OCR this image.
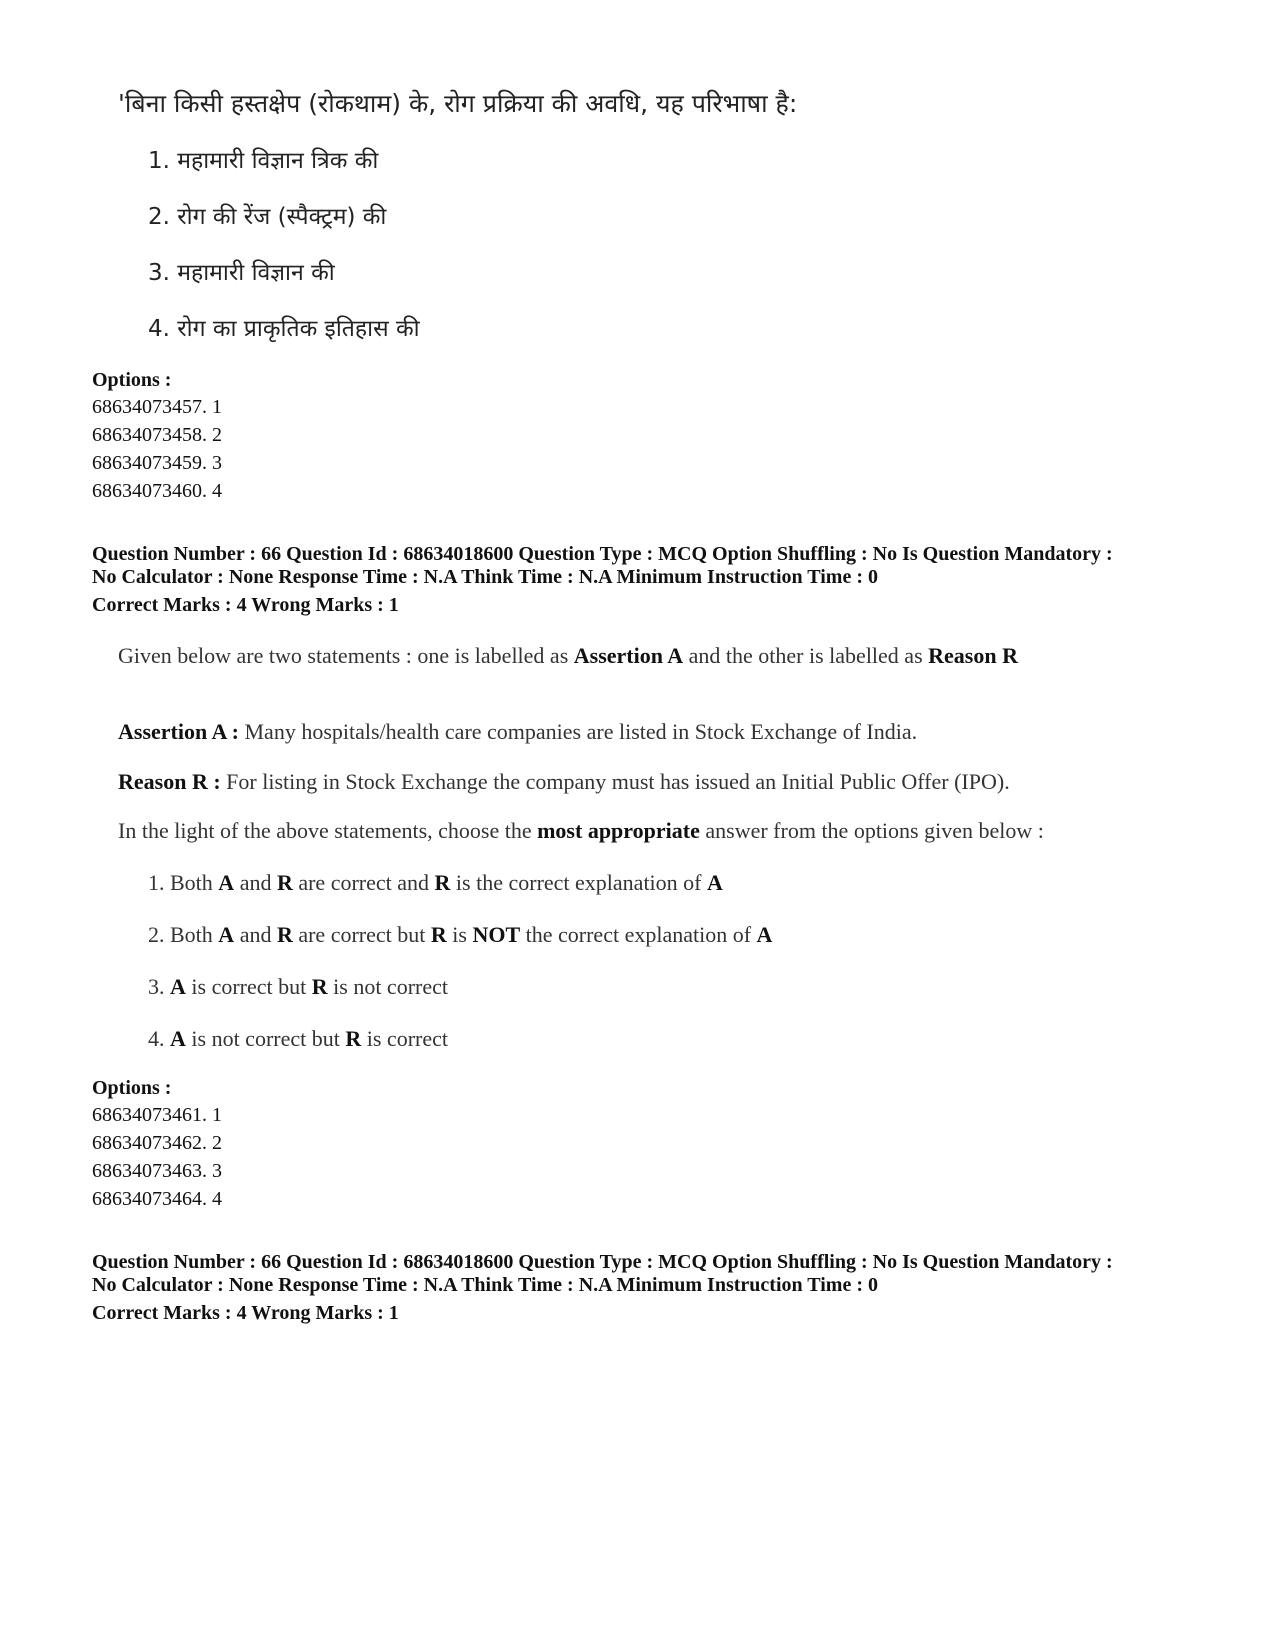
'बिना किसी हस्तक्षेप (रोकथाम) के, रोग प्रक्रिया की अवधि, यह परिभाषा है:
1. महामारी विज्ञान त्रिक की
2. रोग की रेंज (स्पैक्ट्रम) की
3. महामारी विज्ञान की
4. रोग का प्राकृतिक इतिहास की
Options :
68634073457. 1
68634073458. 2
68634073459. 3
68634073460. 4
Question Number : 66 Question Id : 68634018600 Question Type : MCQ Option Shuffling : No Is Question Mandatory :
No Calculator : None Response Time : N.A Think Time : N.A Minimum Instruction Time : 0
Correct Marks : 4 Wrong Marks : 1
Given below are two statements : one is labelled as Assertion A and the other is labelled as Reason R
Assertion A : Many hospitals/health care companies are listed in Stock Exchange of India.
Reason R : For listing in Stock Exchange the company must has issued an Initial Public Offer (IPO).
In the light of the above statements, choose the most appropriate answer from the options given below :
1. Both A and R are correct and R is the correct explanation of A
2. Both A and R are correct but R is NOT the correct explanation of A
3. A is correct but R is not correct
4. A is not correct but R is correct
Options :
68634073461. 1
68634073462. 2
68634073463. 3
68634073464. 4
Question Number : 66 Question Id : 68634018600 Question Type : MCQ Option Shuffling : No Is Question Mandatory :
No Calculator : None Response Time : N.A Think Time : N.A Minimum Instruction Time : 0
Correct Marks : 4 Wrong Marks : 1
